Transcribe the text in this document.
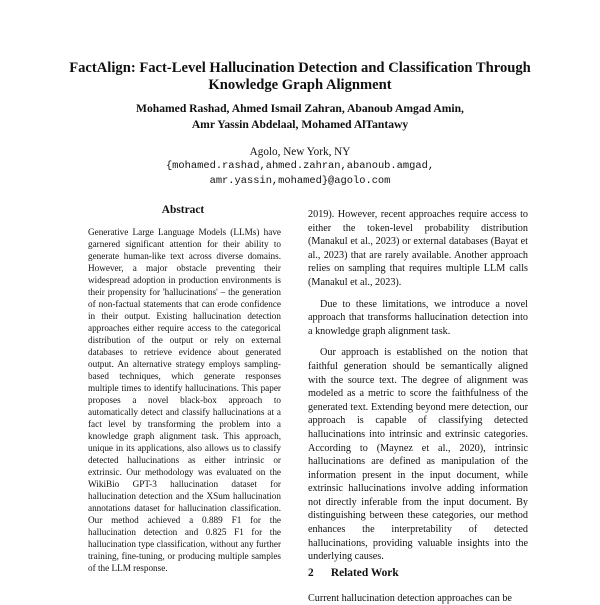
FactAlign: Fact-Level Hallucination Detection and Classification Through Knowledge Graph Alignment
Mohamed Rashad, Ahmed Ismail Zahran, Abanoub Amgad Amin,
Amr Yassin Abdelaal, Mohamed AlTantawy
Agolo, New York, NY
{mohamed.rashad,ahmed.zahran,abanoub.amgad,
amr.yassin,mohamed}@agolo.com
Abstract

Generative Large Language Models (LLMs) have garnered significant attention for their ability to generate human-like text across diverse domains. However, a major obstacle preventing their widespread adoption in production environments is their propensity for 'hallucinations' – the generation of non-factual statements that can erode confidence in their output. Existing hallucination detection approaches either require access to the categorical distribution of the output or rely on external databases to retrieve evidence about generated output. An alternative strategy employs sampling-based techniques, which generate responses multiple times to identify hallucinations. This paper proposes a novel black-box approach to automatically detect and classify hallucinations at a fact level by transforming the problem into a knowledge graph alignment task. This approach, unique in its applications, also allows us to classify detected hallucinations as either intrinsic or extrinsic. Our methodology was evaluated on the WikiBio GPT-3 hallucination dataset for hallucination detection and the XSum hallucination annotations dataset for hallucination classification. Our method achieved a 0.889 F1 for the hallucination detection and 0.825 F1 for the hallucination type classification, without any further training, fine-tuning, or producing multiple samples of the LLM response.

2019). However, recent approaches require access to either the token-level probability distribution (Manakul et al., 2023) or external databases (Bayat et al., 2023) that are rarely available. Another approach relies on sampling that requires multiple LLM calls (Manakul et al., 2023).

Due to these limitations, we introduce a novel approach that transforms hallucination detection into a knowledge graph alignment task.

Our approach is established on the notion that faithful generation should be semantically aligned with the source text. The degree of alignment was modeled as a metric to score the faithfulness of the generated text. Extending beyond mere detection, our approach is capable of classifying detected hallucinations into intrinsic and extrinsic categories. According to (Maynez et al., 2020), intrinsic hallucinations are defined as manipulation of the information present in the input document, while extrinsic hallucinations involve adding information not directly inferable from the input document. By distinguishing between these categories, our method enhances the interpretability of detected hallucinations, providing valuable insights into the underlying causes.

2 Related Work
Current hallucination detection approaches can be
